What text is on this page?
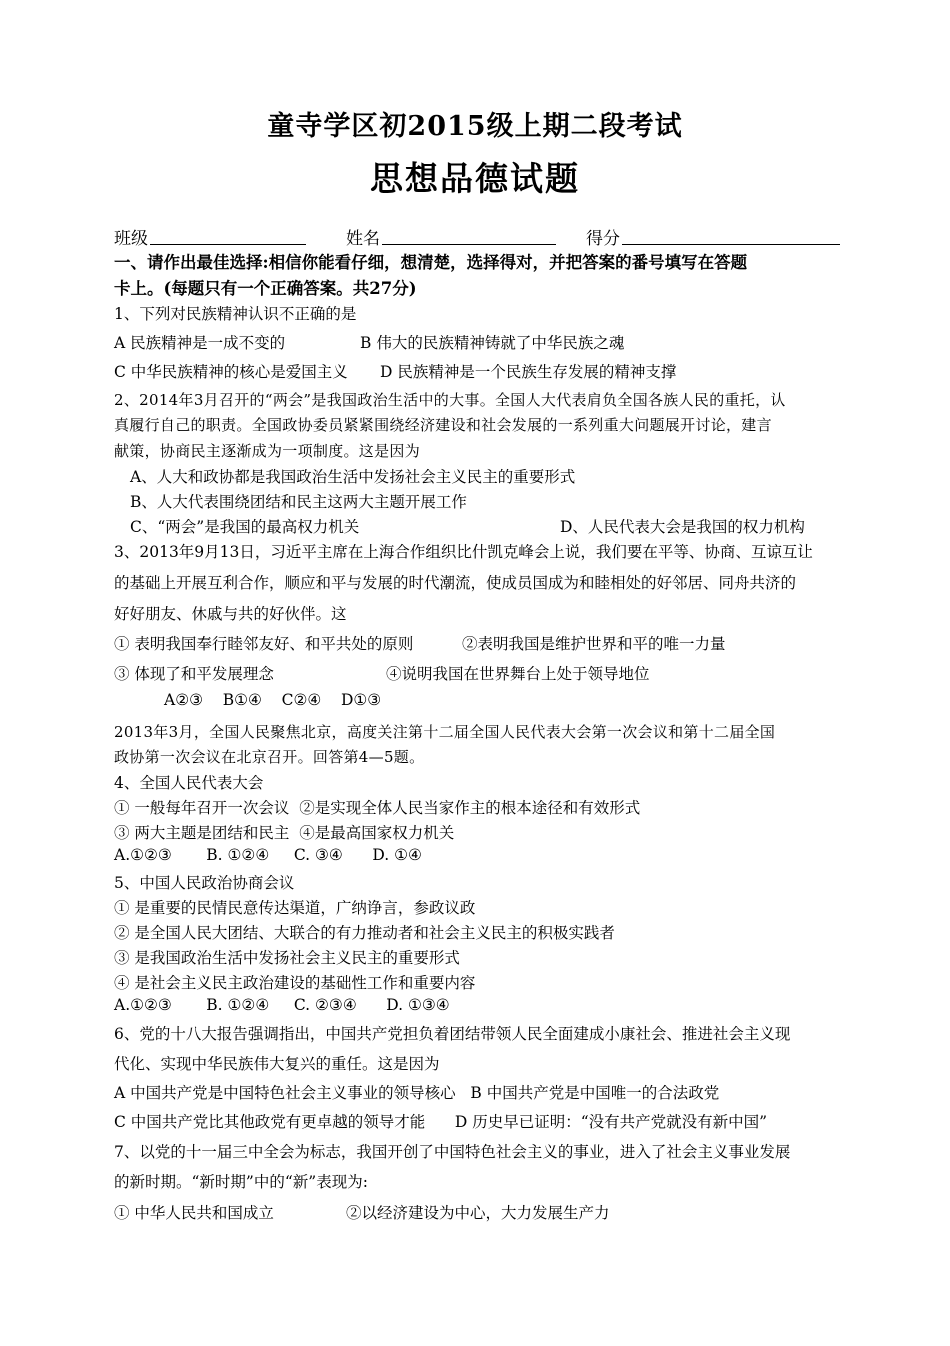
童寺学区初2015级上期二段考试
思想品德试题
班级	姓名	得分
一、请作出最佳选择:相信你能看仔细，想清楚，选择得对，并把答案的番号填写在答题
卡上。(每题只有一个正确答案。共27分)
1、下列对民族精神认识不正确的是
A 民族精神是一成不变的	B 伟大的民族精神铸就了中华民族之魂
C 中华民族精神的核心是爱国主义 D 民族精神是一个民族生存发展的精神支撑
2、2014年3月召开的“两会”是我国政治生活中的大事。全国人大代表肩负全国各族人民的重托，认
真履行自己的职责。全国政协委员紧紧围绕经济建设和社会发展的一系列重大问题展开讨论，建言
献策，协商民主逐渐成为一项制度。这是因为
A、人大和政协都是我国政治生活中发扬社会主义民主的重要形式
B、人大代表围绕团结和民主这两大主题开展工作
C、“两会”是我国的最高权力机关	D、人民代表大会是我国的权力机构
3、2013年9月13日，习近平主席在上海合作组织比什凯克峰会上说，我们要在平等、协商、互谅互让
的基础上开展互利合作，顺应和平与发展的时代潮流，使成员国成为和睦相处的好邻居、同舟共济的
好好朋友、休戚与共的好伙伴。这
① 表明我国奉行睦邻友好、和平共处的原则	②表明我国是维护世界和平的唯一力量
③ 体现了和平发展理念	④说明我国在世界舞台上处于领导地位
A②③    B①④    C②④    D①③
2013年3月，全国人民聚焦北京，高度关注第十二届全国人民代表大会第一次会议和第十二届全国
政协第一次会议在北京召开。回答第4—5题。
4、全国人民代表大会
① 一般每年召开一次会议  ②是实现全体人民当家作主的根本途径和有效形式
③ 两大主题是团结和民主  ④是最高国家权力机关
A.①②③       B. ①②④     C. ③④      D. ①④
5、中国人民政治协商会议
① 是重要的民情民意传达渠道，广纳诤言，参政议政
② 是全国人民大团结、大联合的有力推动者和社会主义民主的积极实践者
③ 是我国政治生活中发扬社会主义民主的重要形式
④ 是社会主义民主政治建设的基础性工作和重要内容
A.①②③       B. ①②④     C. ②③④      D. ①③④
6、党的十八大报告强调指出，中国共产党担负着团结带领人民全面建成小康社会、推进社会主义现
代化、实现中华民族伟大复兴的重任。这是因为
A 中国共产党是中国特色社会主义事业的领导核心   B 中国共产党是中国唯一的合法政党
C 中国共产党比其他政党有更卓越的领导才能      D 历史早已证明：“没有共产党就没有新中国”
7、以党的十一届三中全会为标志，我国开创了中国特色社会主义的事业，进入了社会主义事业发展
的新时期。“新时期”中的“新”表现为:
① 中华人民共和国成立	②以经济建设为中心，大力发展生产力
